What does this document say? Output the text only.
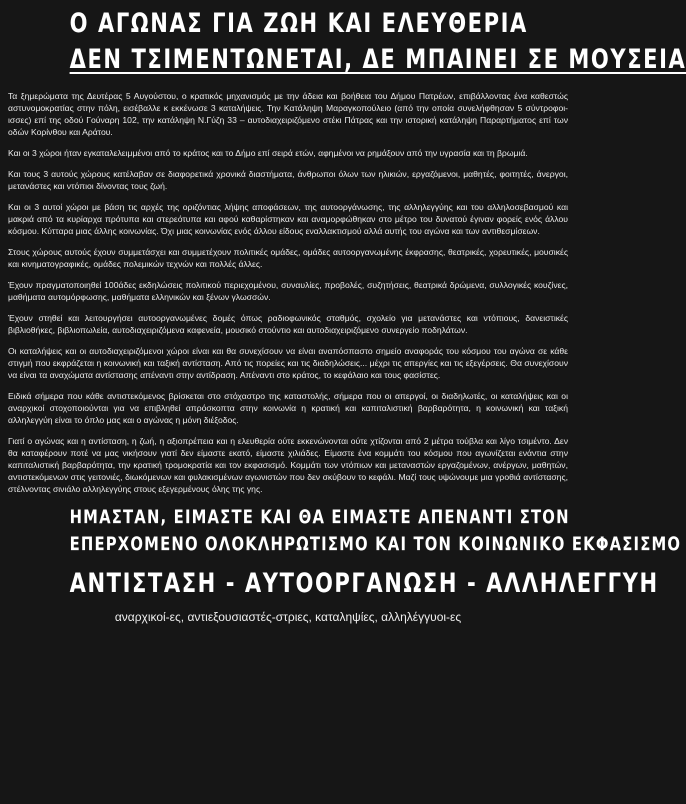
Ο ΑΓΩΝΑΣ ΓΙΑ ΖΩΗ ΚΑΙ ΕΛΕΥΘΕΡΙΑ
ΔΕΝ ΤΣΙΜΕΝΤΩΝΕΤΑΙ, ΔΕ ΜΠΑΙΝΕΙ ΣΕ ΜΟΥΣΕΙΑ

Τα ξημερώματα της Δευτέρας 5 Αυγούστου, ο κρατικός μηχανισμός με την άδεια και βοήθεια του Δήμου Πατρέων, επιβάλλοντας ένα καθεστώς αστυνομοκρατίας στην πόλη, εισέβαλλε κ εκκένωσε 3 καταλήψεις. Την Κατάληψη Μαραγκοπούλειο (από την οποία συνελήφθησαν 5 σύντροφοι-ισσες) επί της οδού Γούναρη 102, την κατάληψη Ν.Γύζη 33 – αυτοδιαχειριζόμενο στέκι Πάτρας και την ιστορική κατάληψη Παραρτήματος επί των οδών Κορίνθου και Αράτου.

Και οι 3 χώροι ήταν εγκαταλελειμμένοι από το κράτος και το Δήμο επί σειρά ετών, αφημένοι να ρημάξουν από την υγρασία και τη βρωμιά.

Και τους 3 αυτούς χώρους κατέλαβαν σε διαφορετικά χρονικά διαστήματα, άνθρωποι όλων των ηλικιών, εργαζόμενοι, μαθητές, φοιτητές, άνεργοι, μετανάστες και ντόπιοι δίνοντας τους ζωή.

Και οι 3 αυτοί χώροι με βάση τις αρχές της οριζόντιας λήψης αποφάσεων, της αυτοοργάνωσης, της αλληλεγγύης και του αλληλοσεβασμού και μακριά από τα κυρίαρχα πρότυπα και στερεότυπα και αφού καθαρίστηκαν και αναμορφώθηκαν στο μέτρο του δυνατού έγιναν φορείς ενός άλλου κόσμου. Κύτταρα μιας άλλης κοινωνίας. Όχι μιας κοινωνίας ενός άλλου είδους εναλλακτισμού αλλά αυτής του αγώνα και των αντιθεσμίσεων.

Στους χώρους αυτούς έχουν συμμετάσχει και συμμετέχουν πολιτικές ομάδες, ομάδες αυτοοργανωμένης έκφρασης, θεατρικές, χορευτικές, μουσικές και κινηματογραφικές, ομάδες πολεμικών τεχνών και πολλές άλλες.

Έχουν πραγματοποιηθεί 100άδες εκδηλώσεις πολιτικού περιεχομένου, συναυλίες, προβολές, συζητήσεις, θεατρικά δρώμενα, συλλογικές κουζίνες, μαθήματα αυτομόρφωσης, μαθήματα ελληνικών και ξένων γλωσσών.

Έχουν στηθεί και λειτουργήσει αυτοοργανωμένες δομές όπως ραδιοφωνικός σταθμός, σχολείο για μετανάστες και ντόπιους, δανειστικές βιβλιοθήκες, βιβλιοπωλεία, αυτοδιαχειριζόμενα καφενεία, μουσικό στούντιο και αυτοδιαχειριζόμενο συνεργείο ποδηλάτων.

Οι καταλήψεις και οι αυτοδιαχειριζόμενοι χώροι είναι και θα συνεχίσουν να είναι αναπόσπαστο σημείο αναφοράς του κόσμου του αγώνα σε κάθε στιγμή που εκφράζεται η κοινωνική και ταξική αντίσταση. Από τις πορείες και τις διαδηλώσεις... μέχρι τις απεργίες και τις εξεγέρσεις. Θα συνεχίσουν να είναι τα αναχώματα αντίστασης απέναντι στην αντίδραση. Απέναντι στο κράτος, το κεφάλαιο και τους φασίστες.

Ειδικά σήμερα που κάθε αντιστεκόμενος βρίσκεται στο στόχαστρο της καταστολής, σήμερα που οι απεργοί, οι διαδηλωτές, οι καταλήψεις και οι αναρχικοί στοχοποιούνται για να επιβληθεί απρόσκοπτα στην κοινωνία η κρατική και καπιταλιστική βαρβαρότητα, η κοινωνική και ταξική αλληλεγγύη είναι το όπλο μας και ο αγώνας η μόνη διέξοδος.

Γιατί ο αγώνας και η αντίσταση, η ζωή, η αξιοπρέπεια και η ελευθερία ούτε εκκενώνονται ούτε χτίζονται από 2 μέτρα τούβλα και λίγο τσιμέντο. Δεν θα καταφέρουν ποτέ να μας νικήσουν γιατί δεν είμαστε εκατό, είμαστε χιλιάδες. Είμαστε ένα κομμάτι του κόσμου που αγωνίζεται ενάντια στην καπιταλιστική βαρβαρότητα, την κρατική τρομοκρατία και τον εκφασισμό. Κομμάτι των ντόπιων και μεταναστών εργαζομένων, ανέργων, μαθητών, αντιστεκόμενων στις γειτονιές, διωκόμενων και φυλακισμένων αγωνιστών που δεν σκύβουν το κεφάλι. Μαζί τους υψώνουμε μια γροθιά αντίστασης, στέλνοντας σινιάλο αλληλεγγύης στους εξεγερμένους όλης της γης.

ΗΜΑΣΤΑΝ, ΕΙΜΑΣΤΕ ΚΑΙ ΘΑ ΕΙΜΑΣΤΕ ΑΠΕΝΑΝΤΙ ΣΤΟΝ
ΕΠΕΡΧΟΜΕΝΟ ΟΛΟΚΛΗΡΩΤΙΣΜΟ ΚΑΙ ΤΟΝ ΚΟΙΝΩΝΙΚΟ ΕΚΦΑΣΙΣΜΟ
ΑΝΤΙΣΤΑΣΗ - ΑΥΤΟΟΡΓΑΝΩΣΗ - ΑΛΛΗΛΕΓΓΥΗ
αναρχικοί-ες, αντιεξουσιαστές-στριες, καταληψίες, αλληλέγγυοι-ες
